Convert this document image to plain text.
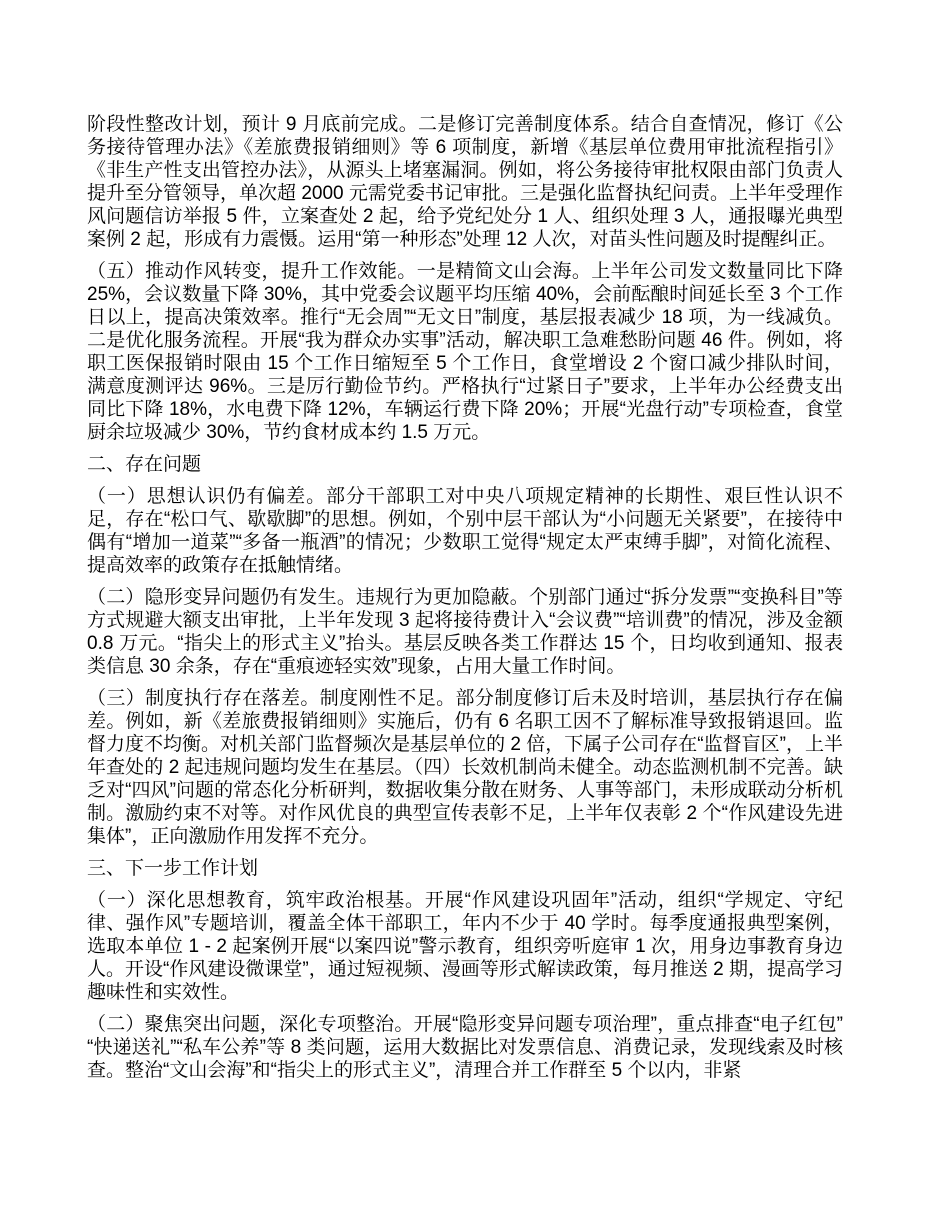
阶段性整改计划，预计 9 月底前完成。二是修订完善制度体系。结合自查情况，修订《公务接待管理办法》《差旅费报销细则》等 6 项制度，新增《基层单位费用审批流程指引》《非生产性支出管控办法》，从源头上堵塞漏洞。例如，将公务接待审批权限由部门负责人提升至分管领导，单次超 2000 元需党委书记审批。三是强化监督执纪问责。上半年受理作风问题信访举报 5 件，立案查处 2 起，给予党纪处分 1 人、组织处理 3 人，通报曝光典型案例 2 起，形成有力震慑。运用“第一种形态”处理 12 人次，对苗头性问题及时提醒纠正。

（五）推动作风转变，提升工作效能。一是精简文山会海。上半年公司发文数量同比下降 25%，会议数量下降 30%，其中党委会议题平均压缩 40%，会前酝酿时间延长至 3 个工作日以上，提高决策效率。推行“无会周”“无文日”制度，基层报表减少 18 项，为一线减负。二是优化服务流程。开展“我为群众办实事”活动，解决职工急难愁盼问题 46 件。例如，将职工医保报销时限由 15 个工作日缩短至 5 个工作日，食堂增设 2 个窗口减少排队时间，满意度测评达 96%。三是厉行勤俭节约。严格执行“过紧日子”要求，上半年办公经费支出同比下降 18%，水电费下降 12%，车辆运行费下降 20%；开展“光盘行动”专项检查，食堂厨余垃圾减少 30%，节约食材成本约 1.5 万元。

二、存在问题

（一）思想认识仍有偏差。部分干部职工对中央八项规定精神的长期性、艰巨性认识不足，存在“松口气、歇歇脚”的思想。例如，个别中层干部认为“小问题无关紧要”，在接待中偶有“增加一道菜”“多备一瓶酒”的情况；少数职工觉得“规定太严束缚手脚”，对简化流程、提高效率的政策存在抵触情绪。

（二）隐形变异问题仍有发生。违规行为更加隐蔽。个别部门通过“拆分发票”“变换科目”等方式规避大额支出审批，上半年发现 3 起将接待费计入“会议费”“培训费”的情况，涉及金额 0.8 万元。“指尖上的形式主义”抬头。基层反映各类工作群达 15 个，日均收到通知、报表类信息 30 余条，存在“重痕迹轻实效”现象，占用大量工作时间。

（三）制度执行存在落差。制度刚性不足。部分制度修订后未及时培训，基层执行存在偏差。例如，新《差旅费报销细则》实施后，仍有 6 名职工因不了解标准导致报销退回。监督力度不均衡。对机关部门监督频次是基层单位的 2 倍，下属子公司存在“监督盲区”，上半年查处的 2 起违规问题均发生在基层。（四）长效机制尚未健全。动态监测机制不完善。缺乏对“四风”问题的常态化分析研判，数据收集分散在财务、人事等部门，未形成联动分析机制。激励约束不对等。对作风优良的典型宣传表彰不足，上半年仅表彰 2 个“作风建设先进集体”，正向激励作用发挥不充分。

三、下一步工作计划

（一）深化思想教育，筑牢政治根基。开展“作风建设巩固年”活动，组织“学规定、守纪律、强作风”专题培训，覆盖全体干部职工，年内不少于 40 学时。每季度通报典型案例，选取本单位 1 - 2 起案例开展“以案四说”警示教育，组织旁听庭审 1 次，用身边事教育身边人。开设“作风建设微课堂”，通过短视频、漫画等形式解读政策，每月推送 2 期，提高学习趣味性和实效性。

（二）聚焦突出问题，深化专项整治。开展“隐形变异问题专项治理”，重点排查“电子红包”“快递送礼”“私车公养”等 8 类问题，运用大数据比对发票信息、消费记录，发现线索及时核查。整治“文山会海”和“指尖上的形式主义”，清理合并工作群至 5 个以内，非紧
